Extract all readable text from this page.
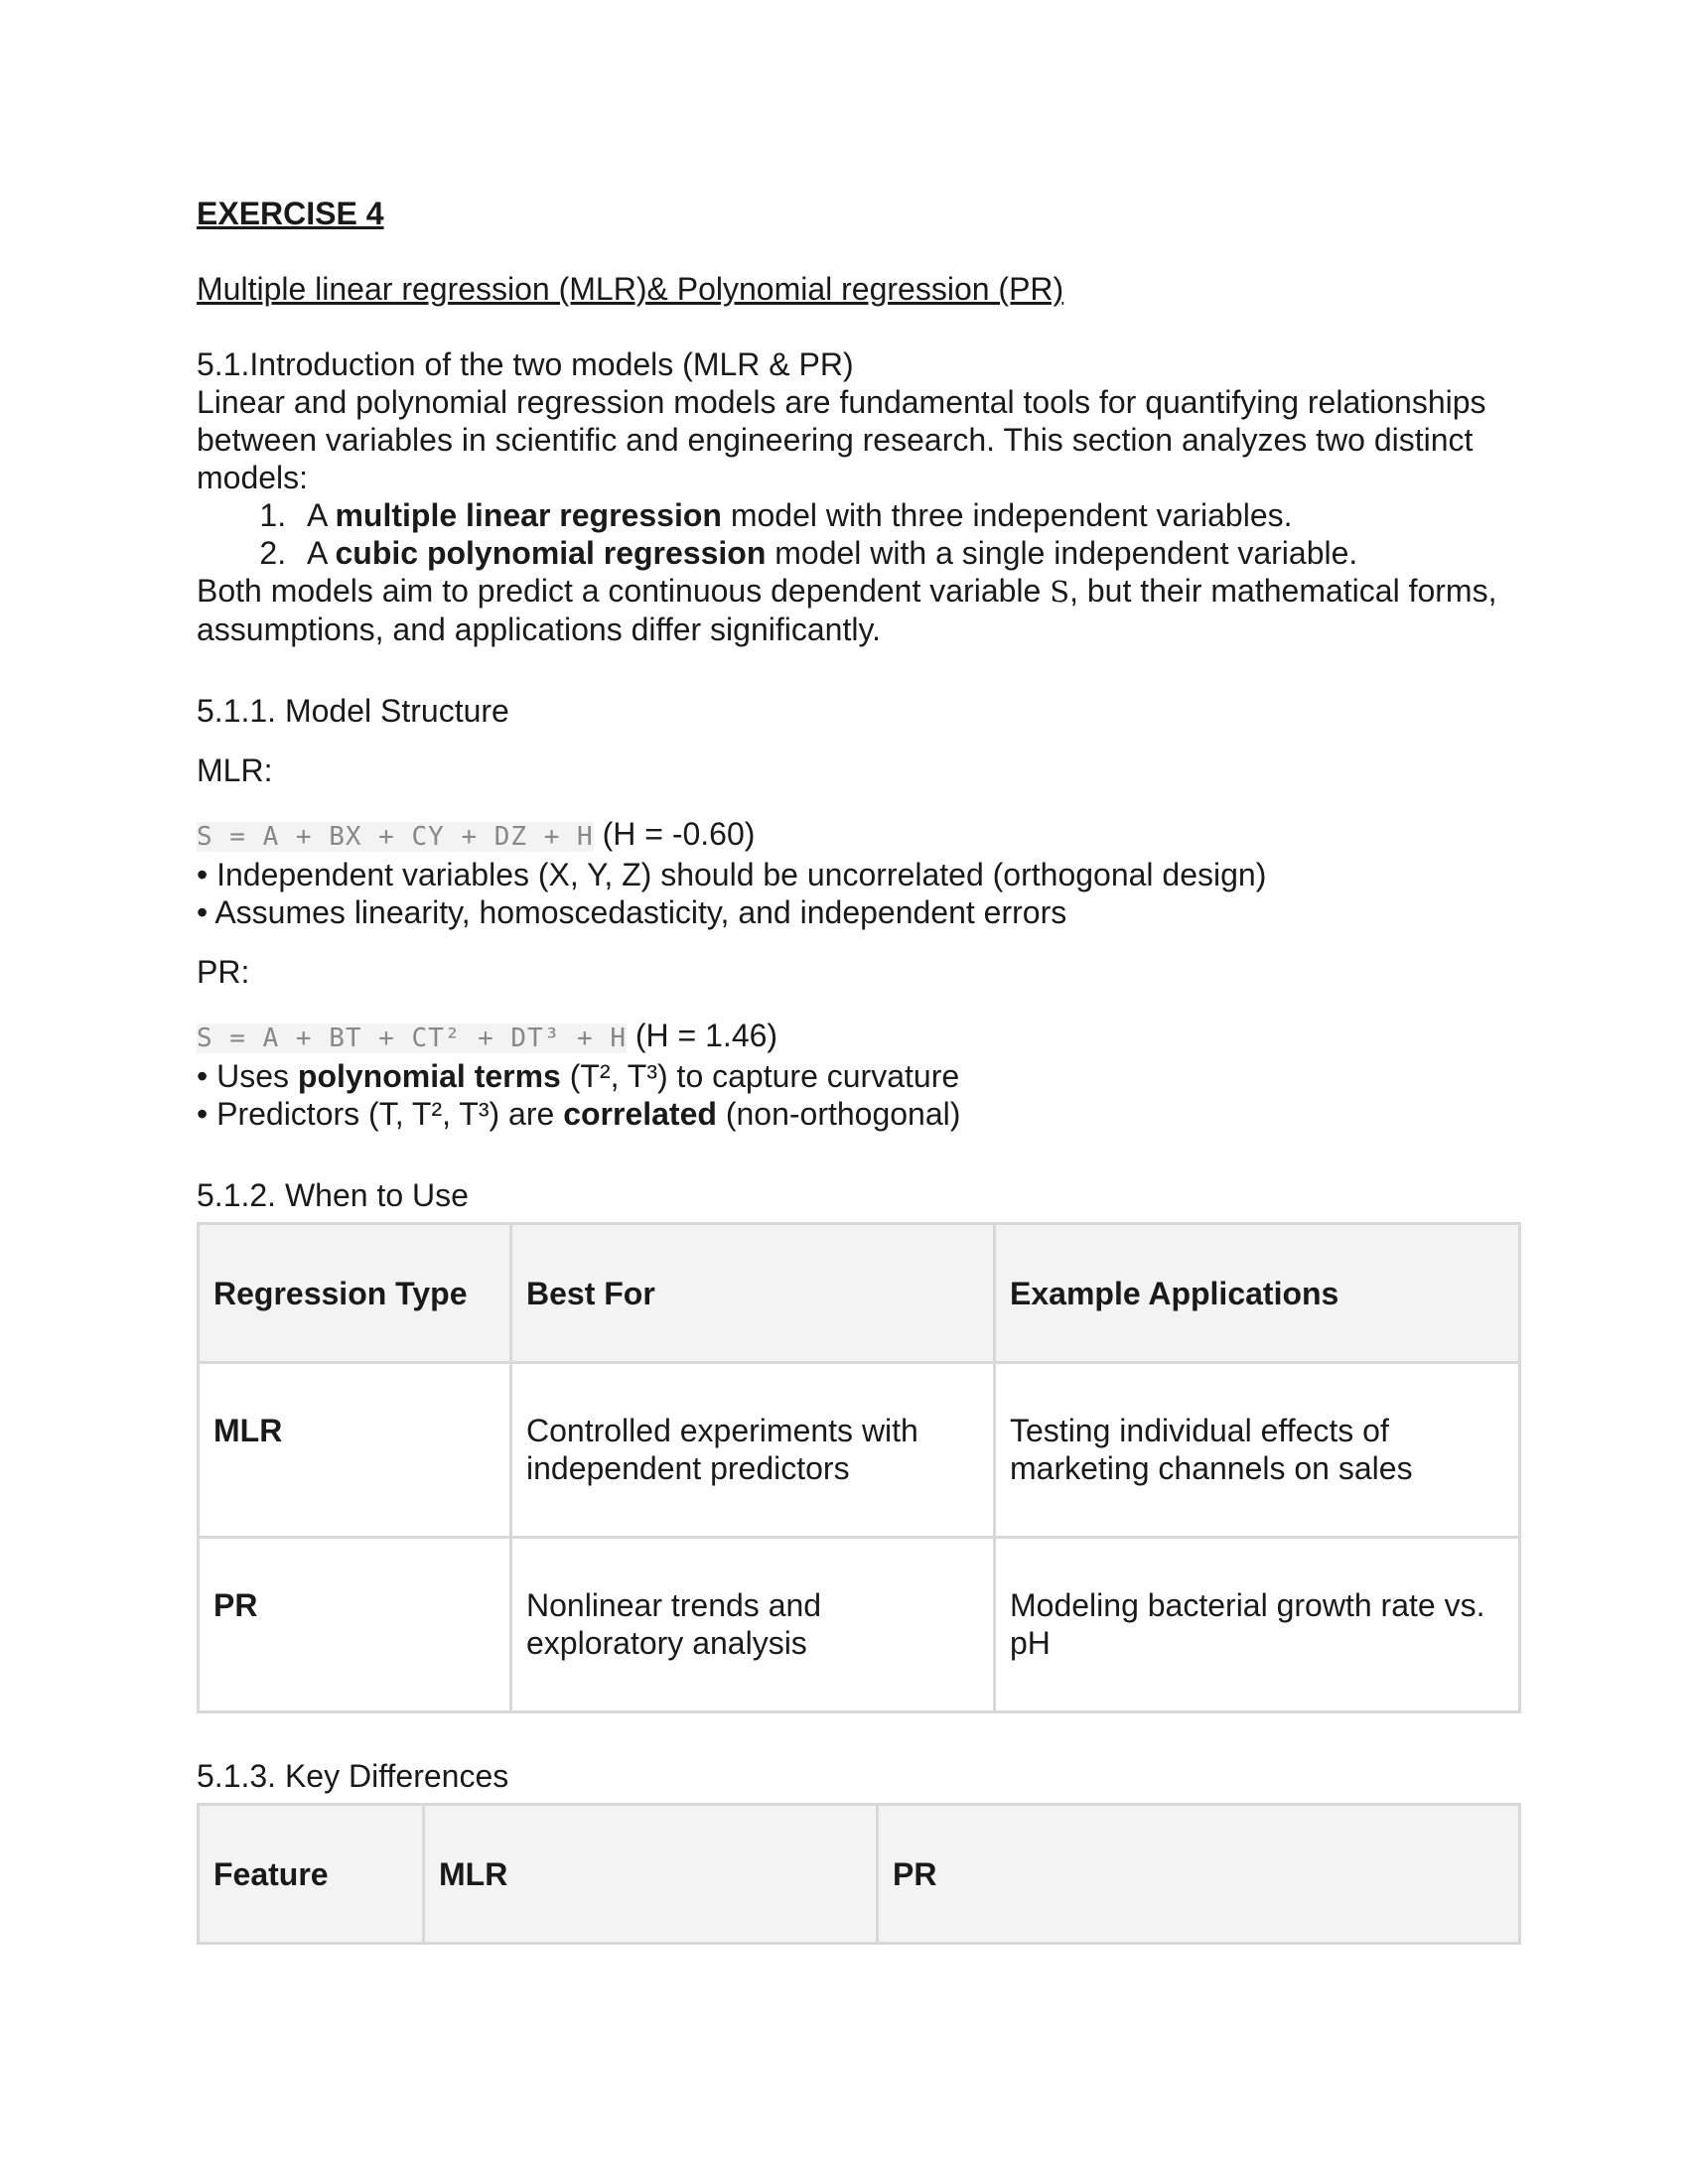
EXERCISE 4

Multiple linear regression (MLR)& Polynomial regression (PR)

5.1.Introduction of the two models (MLR & PR)

Linear and polynomial regression models are fundamental tools for quantifying relationships between variables in scientific and engineering research. This section analyzes two distinct models:

1. A multiple linear regression model with three independent variables.
2. A cubic polynomial regression model with a single independent variable.

Both models aim to predict a continuous dependent variable S, but their mathematical forms, assumptions, and applications differ significantly.

5.1.1. Model Structure

MLR:

S = A + BX + CY + DZ + H (H = -0.60)

• Independent variables (X, Y, Z) should be uncorrelated (orthogonal design)

• Assumes linearity, homoscedasticity, and independent errors

PR:

S = A + BT + CT² + DT³ + H (H = 1.46)

• Uses polynomial terms (T², T³) to capture curvature

• Predictors (T, T², T³) are correlated (non-orthogonal)

5.1.2. When to Use

Regression Type	Best For	Example Applications
MLR	Controlled experiments with independent predictors	Testing individual effects of marketing channels on sales
PR	Nonlinear trends and exploratory analysis	Modeling bacterial growth rate vs. pH

5.1.3. Key Differences

Feature	MLR	PR
